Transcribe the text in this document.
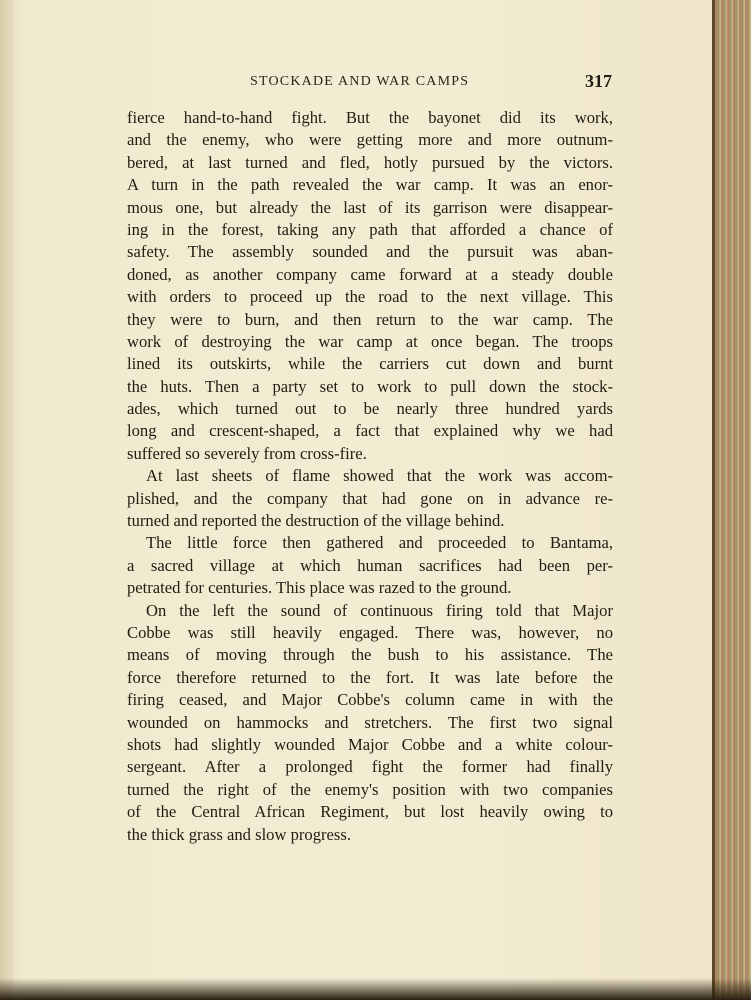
STOCKADE AND WAR CAMPS	317
fierce hand-to-hand fight. But the bayonet did its work,
and the enemy, who were getting more and more outnum-
bered, at last turned and fled, hotly pursued by the victors.
A turn in the path revealed the war camp. It was an enor-
mous one, but already the last of its garrison were disappear-
ing in the forest, taking any path that afforded a chance of
safety. The assembly sounded and the pursuit was aban-
doned, as another company came forward at a steady double
with orders to proceed up the road to the next village. This
they were to burn, and then return to the war camp. The
work of destroying the war camp at once began. The troops
lined its outskirts, while the carriers cut down and burnt
the huts. Then a party set to work to pull down the stock-
ades, which turned out to be nearly three hundred yards
long and crescent-shaped, a fact that explained why we had
suffered so severely from cross-fire.
At last sheets of flame showed that the work was accom-
plished, and the company that had gone on in advance re-
turned and reported the destruction of the village behind.
The little force then gathered and proceeded to Bantama,
a sacred village at which human sacrifices had been per-
petrated for centuries. This place was razed to the ground.
On the left the sound of continuous firing told that Major
Cobbe was still heavily engaged. There was, however, no
means of moving through the bush to his assistance. The
force therefore returned to the fort. It was late before the
firing ceased, and Major Cobbe's column came in with the
wounded on hammocks and stretchers. The first two signal
shots had slightly wounded Major Cobbe and a white colour-
sergeant. After a prolonged fight the former had finally
turned the right of the enemy's position with two companies
of the Central African Regiment, but lost heavily owing to
the thick grass and slow progress.
